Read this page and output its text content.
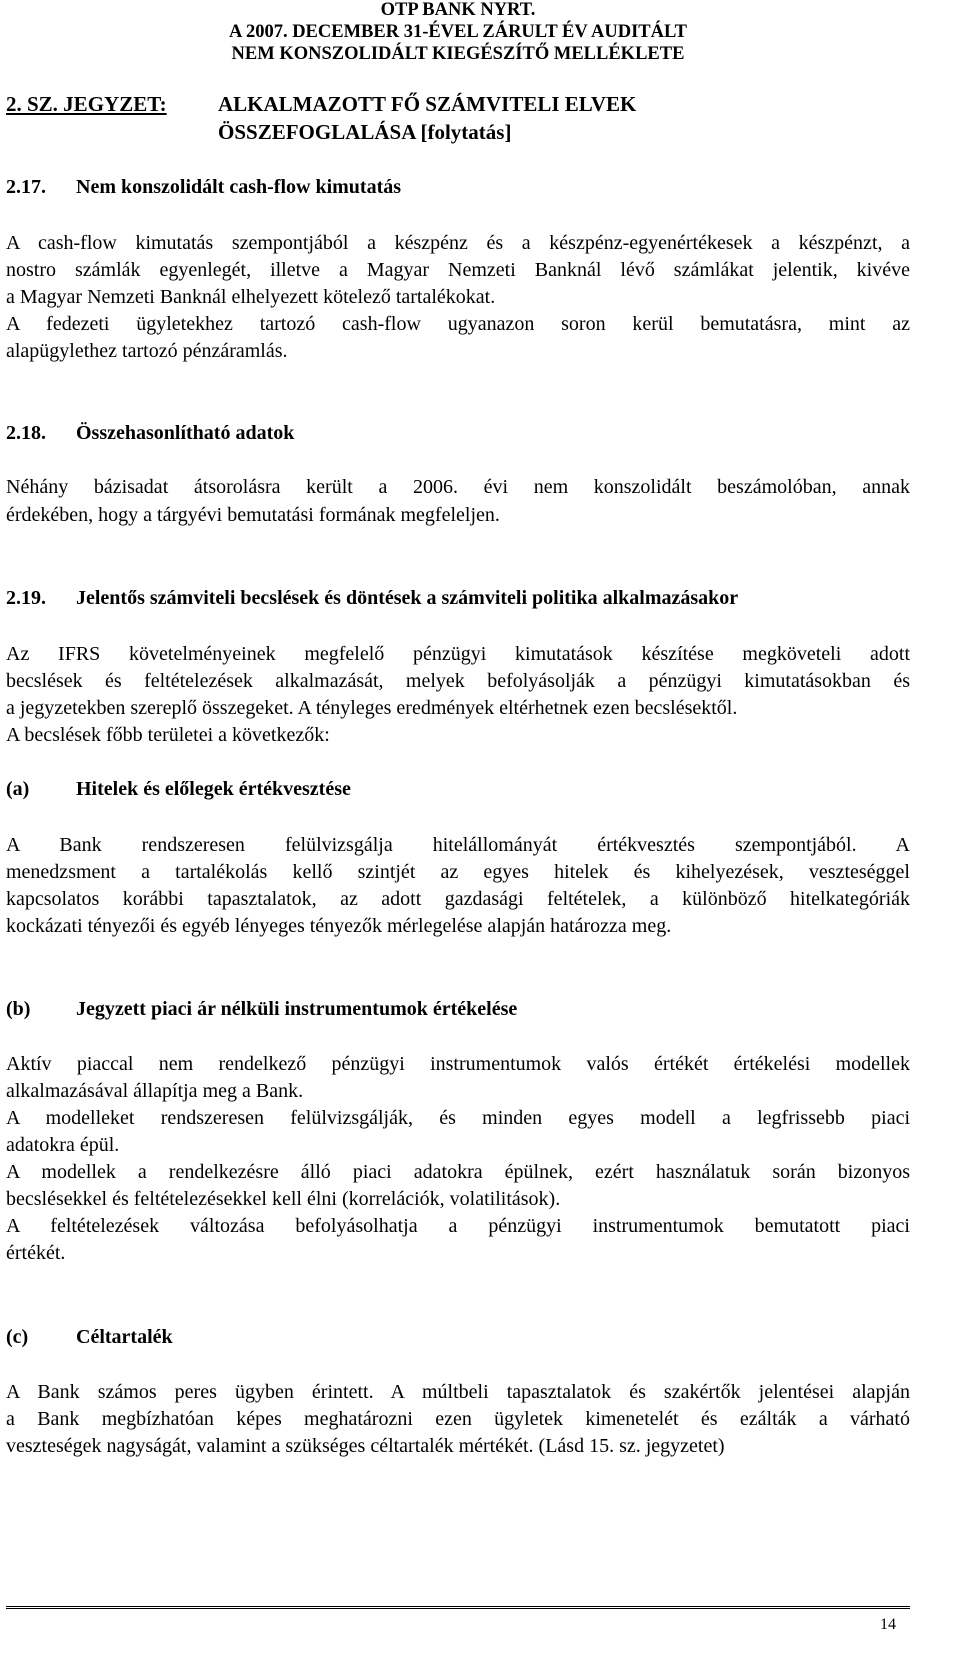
OTP BANK NYRT.
A 2007. DECEMBER 31-ÉVEL ZÁRULT ÉV AUDITÁLT
NEM KONSZOLIDÁLT KIEGÉSZÍTŐ MELLÉKLETE
2. SZ. JEGYZET: ALKALMAZOTT FŐ SZÁMVITELI ELVEK
ÖSSZEFOGLALÁSA [folytatás]
2.17. Nem konszolidált cash-flow kimutatás
A cash-flow kimutatás szempontjából a készpénz és a készpénz-egyenértékesek a készpénzt, a
nostro számlák egyenlegét, illetve a Magyar Nemzeti Banknál lévő számlákat jelentik, kivéve
a Magyar Nemzeti Banknál elhelyezett kötelező tartalékokat.
A fedezeti ügyletekhez tartozó cash-flow ugyanazon soron kerül bemutatásra, mint az
alapügylethez tartozó pénzáramlás.
2.18. Összehasonlítható adatok
Néhány bázisadat átsorolásra került a 2006. évi nem konszolidált beszámolóban, annak
érdekében, hogy a tárgyévi bemutatási formának megfeleljen.
2.19. Jelentős számviteli becslések és döntések a számviteli politika alkalmazásakor
Az IFRS követelményeinek megfelelő pénzügyi kimutatások készítése megköveteli adott
becslések és feltételezések alkalmazását, melyek befolyásolják a pénzügyi kimutatásokban és
a jegyzetekben szereplő összegeket. A tényleges eredmények eltérhetnek ezen becslésektől.
A becslések főbb területei a következők:
(a) Hitelek és előlegek értékvesztése
A Bank rendszeresen felülvizsgálja hitelállományát értékvesztés szempontjából. A
menedzsment a tartalékolás kellő szintjét az egyes hitelek és kihelyezések, veszteséggel
kapcsolatos korábbi tapasztalatok, az adott gazdasági feltételek, a különböző hitelkategóriák
kockázati tényezői és egyéb lényeges tényezők mérlegelése alapján határozza meg.
(b) Jegyzett piaci ár nélküli instrumentumok értékelése
Aktív piaccal nem rendelkező pénzügyi instrumentumok valós értékét értékelési modellek
alkalmazásával állapítja meg a Bank.
A modelleket rendszeresen felülvizsgálják, és minden egyes modell a legfrissebb piaci
adatokra épül.
A modellek a rendelkezésre álló piaci adatokra épülnek, ezért használatuk során bizonyos
becslésekkel és feltételezésekkel kell élni (korrelációk, volatilitások).
A feltételezések változása befolyásolhatja a pénzügyi instrumentumok bemutatott piaci
értékét.
(c) Céltartalék
A Bank számos peres ügyben érintett. A múltbeli tapasztalatok és szakértők jelentései alapján
a Bank megbízhatóan képes meghatározni ezen ügyletek kimenetelét és ezálták a várható
veszteségek nagyságát, valamint a szükséges céltartalék mértékét. (Lásd 15. sz. jegyzetet)
14
